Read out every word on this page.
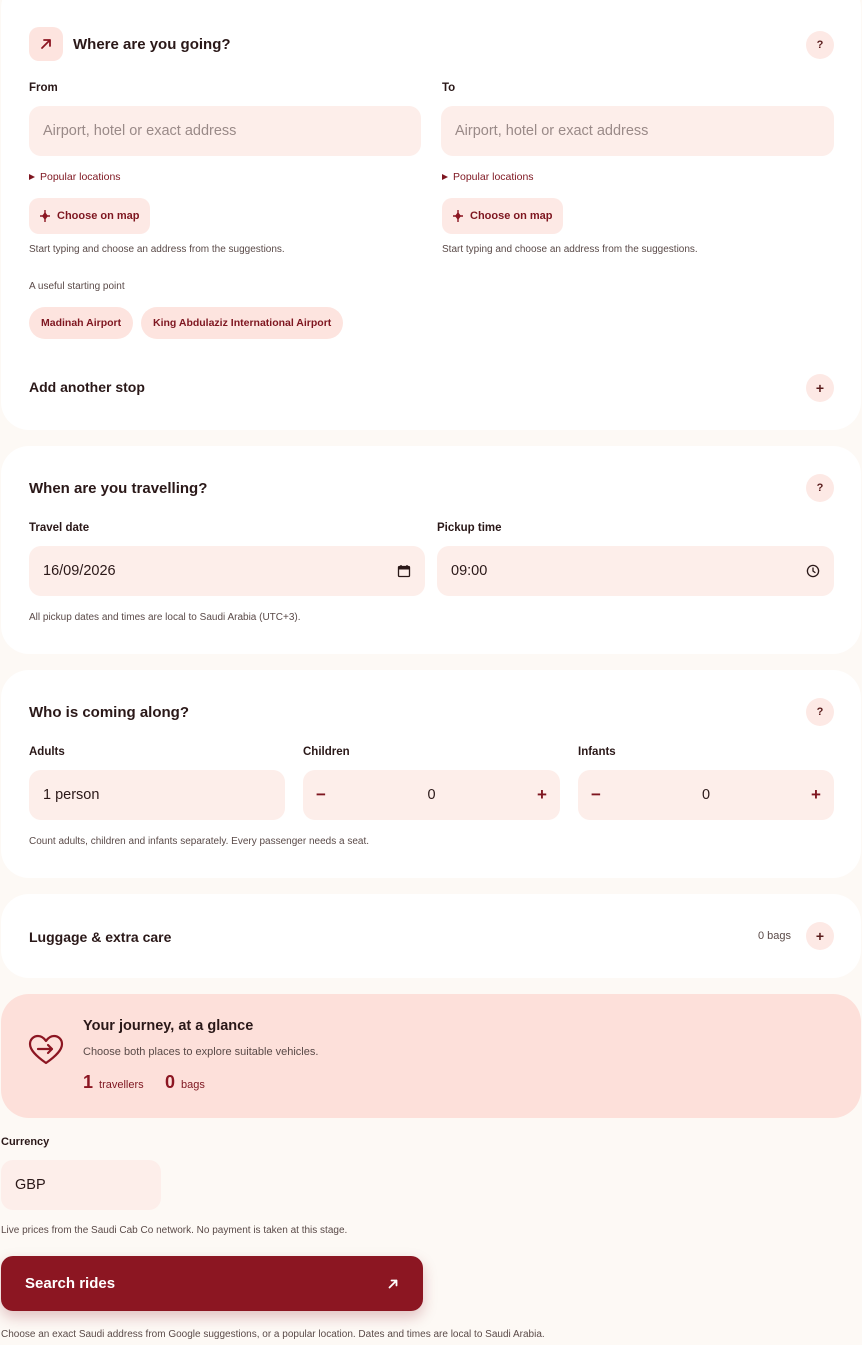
Where are you going?	?
From	To
Airport, hotel or exact address	Airport, hotel or exact address
Popular locations	Popular locations
Choose on map	Choose on map
Start typing and choose an address from the suggestions.	Start typing and choose an address from the suggestions.
A useful starting point
Madinah Airport	King Abdulaziz International Airport
Add another stop	+
When are you travelling?	?
Travel date	Pickup time
16/09/2026	09:00
All pickup dates and times are local to Saudi Arabia (UTC+3).
Who is coming along?	?
Adults	Children	Infants
1 person	−	0	+	−	0	+
Count adults, children and infants separately. Every passenger needs a seat.
Luggage & extra care	0 bags	+
Your journey, at a glance
Choose both places to explore suitable vehicles.
1 travellers 0 bags
Currency
GBP
Live prices from the Saudi Cab Co network. No payment is taken at this stage.
Search rides
Choose an exact Saudi address from Google suggestions, or a popular location. Dates and times are local to Saudi Arabia.
